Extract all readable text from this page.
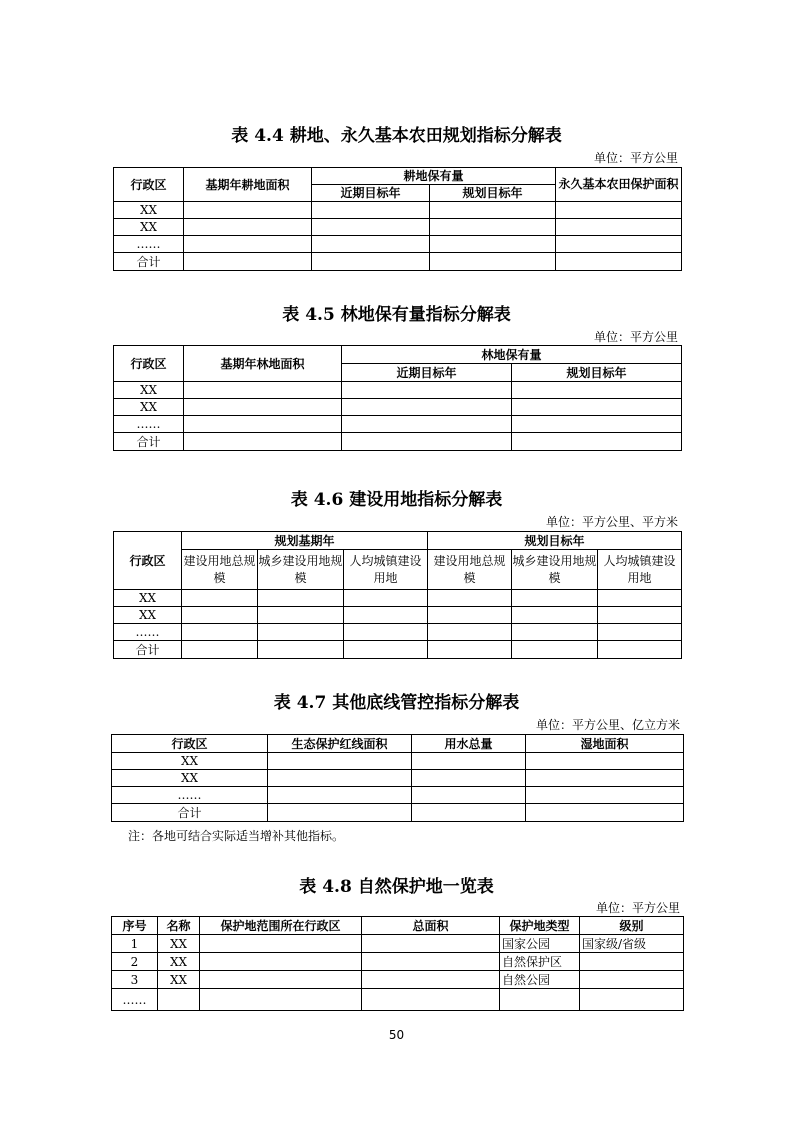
表 4.4 耕地、永久基本农田规划指标分解表
单位：平方公里
行政区	基期年耕地面积	耕地保有量		永久基本农田保护面积
		近期目标年	规划目标年	
XX				
XX				
……				
合计				
表 4.5 林地保有量指标分解表
单位：平方公里
行政区	基期年林地面积	林地保有量	
		近期目标年	规划目标年
XX			
XX			
……			
合计			
表 4.6 建设用地指标分解表
单位：平方公里、平方米
行政区	规划基期年			规划目标年		
	建设用地总规模	城乡建设用地规模	人均城镇建设用地	建设用地总规模	城乡建设用地规模	人均城镇建设用地
XX						
XX						
……						
合计						
表 4.7 其他底线管控指标分解表
单位：平方公里、亿立方米
行政区	生态保护红线面积	用水总量	湿地面积
XX			
XX			
……			
合计			
注：各地可结合实际适当增补其他指标。
表 4.8 自然保护地一览表
单位：平方公里
序号	名称	保护地范围所在行政区	总面积	保护地类型	级别
1	XX			国家公园	国家级/省级
2	XX			自然保护区	
3	XX			自然公园	
……					
50
